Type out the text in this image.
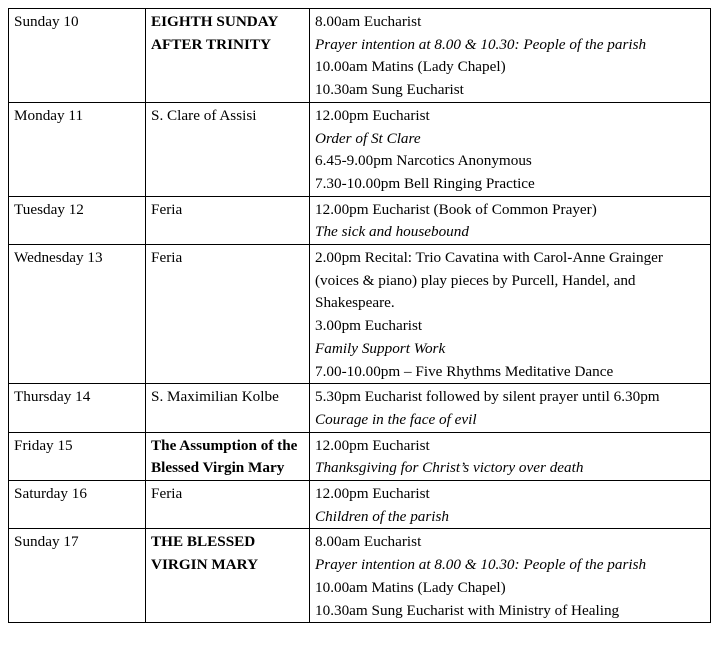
Sunday 10	EIGHTH SUNDAY AFTER TRINITY	8.00am Eucharist
Prayer intention at 8.00 & 10.30: People of the parish
10.00am Matins (Lady Chapel)
10.30am Sung Eucharist

Monday 11	S. Clare of Assisi	12.00pm Eucharist
Order of St Clare
6.45-9.00pm Narcotics Anonymous
7.30-10.00pm Bell Ringing Practice

Tuesday 12	Feria	12.00pm Eucharist (Book of Common Prayer)
The sick and housebound

Wednesday 13	Feria	2.00pm Recital: Trio Cavatina with Carol-Anne Grainger (voices & piano) play pieces by Purcell, Handel, and Shakespeare.
3.00pm Eucharist
Family Support Work
7.00-10.00pm – Five Rhythms Meditative Dance

Thursday 14	S. Maximilian Kolbe	5.30pm Eucharist followed by silent prayer until 6.30pm
Courage in the face of evil

Friday 15	The Assumption of the Blessed Virgin Mary	12.00pm Eucharist
Thanksgiving for Christ’s victory over death

Saturday 16	Feria	12.00pm Eucharist
Children of the parish

Sunday 17	THE BLESSED VIRGIN MARY	8.00am Eucharist
Prayer intention at 8.00 & 10.30: People of the parish
10.00am Matins (Lady Chapel)
10.30am Sung Eucharist with Ministry of Healing
